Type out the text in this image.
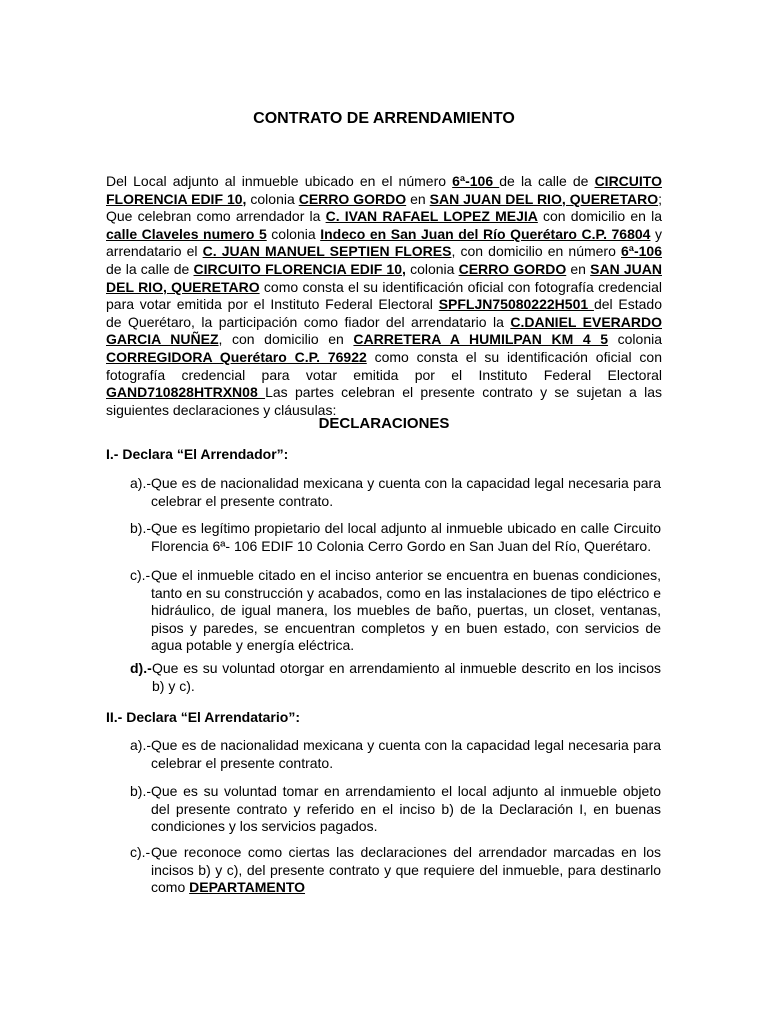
CONTRATO DE ARRENDAMIENTO
Del Local adjunto al inmueble ubicado en el número 6ª-106 de la calle de CIRCUITO FLORENCIA EDIF 10, colonia CERRO GORDO en SAN JUAN DEL RIO, QUERETARO; Que celebran como arrendador la C. IVAN RAFAEL LOPEZ MEJIA con domicilio en la calle Claveles numero 5 colonia Indeco en San Juan del Río Querétaro C.P. 76804 y arrendatario el C. JUAN MANUEL SEPTIEN FLORES, con domicilio en número 6ª-106 de la calle de CIRCUITO FLORENCIA EDIF 10, colonia CERRO GORDO en SAN JUAN DEL RIO, QUERETARO como consta el su identificación oficial con fotografía credencial para votar emitida por el Instituto Federal Electoral SPFLJN75080222H501 del Estado de Querétaro, la participación como fiador del arrendatario la C.DANIEL EVERARDO GARCIA NUÑEZ, con domicilio en CARRETERA A HUMILPAN KM 4 5 colonia CORREGIDORA Querétaro C.P. 76922 como consta el su identificación oficial con fotografía credencial para votar emitida por el Instituto Federal Electoral GAND710828HTRXN08 Las partes celebran el presente contrato y se sujetan a las siguientes declaraciones y cláusulas:
DECLARACIONES
I.- Declara “El Arrendador”:
a).- Que es de nacionalidad mexicana y cuenta con la capacidad legal necesaria para celebrar el presente contrato.
b).- Que es legítimo propietario del local adjunto al inmueble ubicado en calle Circuito Florencia 6ª- 106 EDIF 10 Colonia Cerro Gordo en San Juan del Río, Querétaro.
c).- Que el inmueble citado en el inciso anterior se encuentra en buenas condiciones, tanto en su construcción y acabados, como en las instalaciones de tipo eléctrico e hidráulico, de igual manera, los muebles de baño, puertas, un closet, ventanas, pisos y paredes, se encuentran completos y en buen estado, con servicios de agua potable y energía eléctrica.
d).- Que es su voluntad otorgar en arrendamiento al inmueble descrito en los incisos b) y c).
II.- Declara “El Arrendatario”:
a).- Que es de nacionalidad mexicana y cuenta con la capacidad legal necesaria para celebrar el presente contrato.
b).- Que es su voluntad tomar en arrendamiento el local adjunto al inmueble objeto del presente contrato y referido en el inciso b) de la Declaración I, en buenas condiciones y los servicios pagados.
c).- Que reconoce como ciertas las declaraciones del arrendador marcadas en los incisos b) y c), del presente contrato y que requiere del inmueble, para destinarlo como DEPARTAMENTO
